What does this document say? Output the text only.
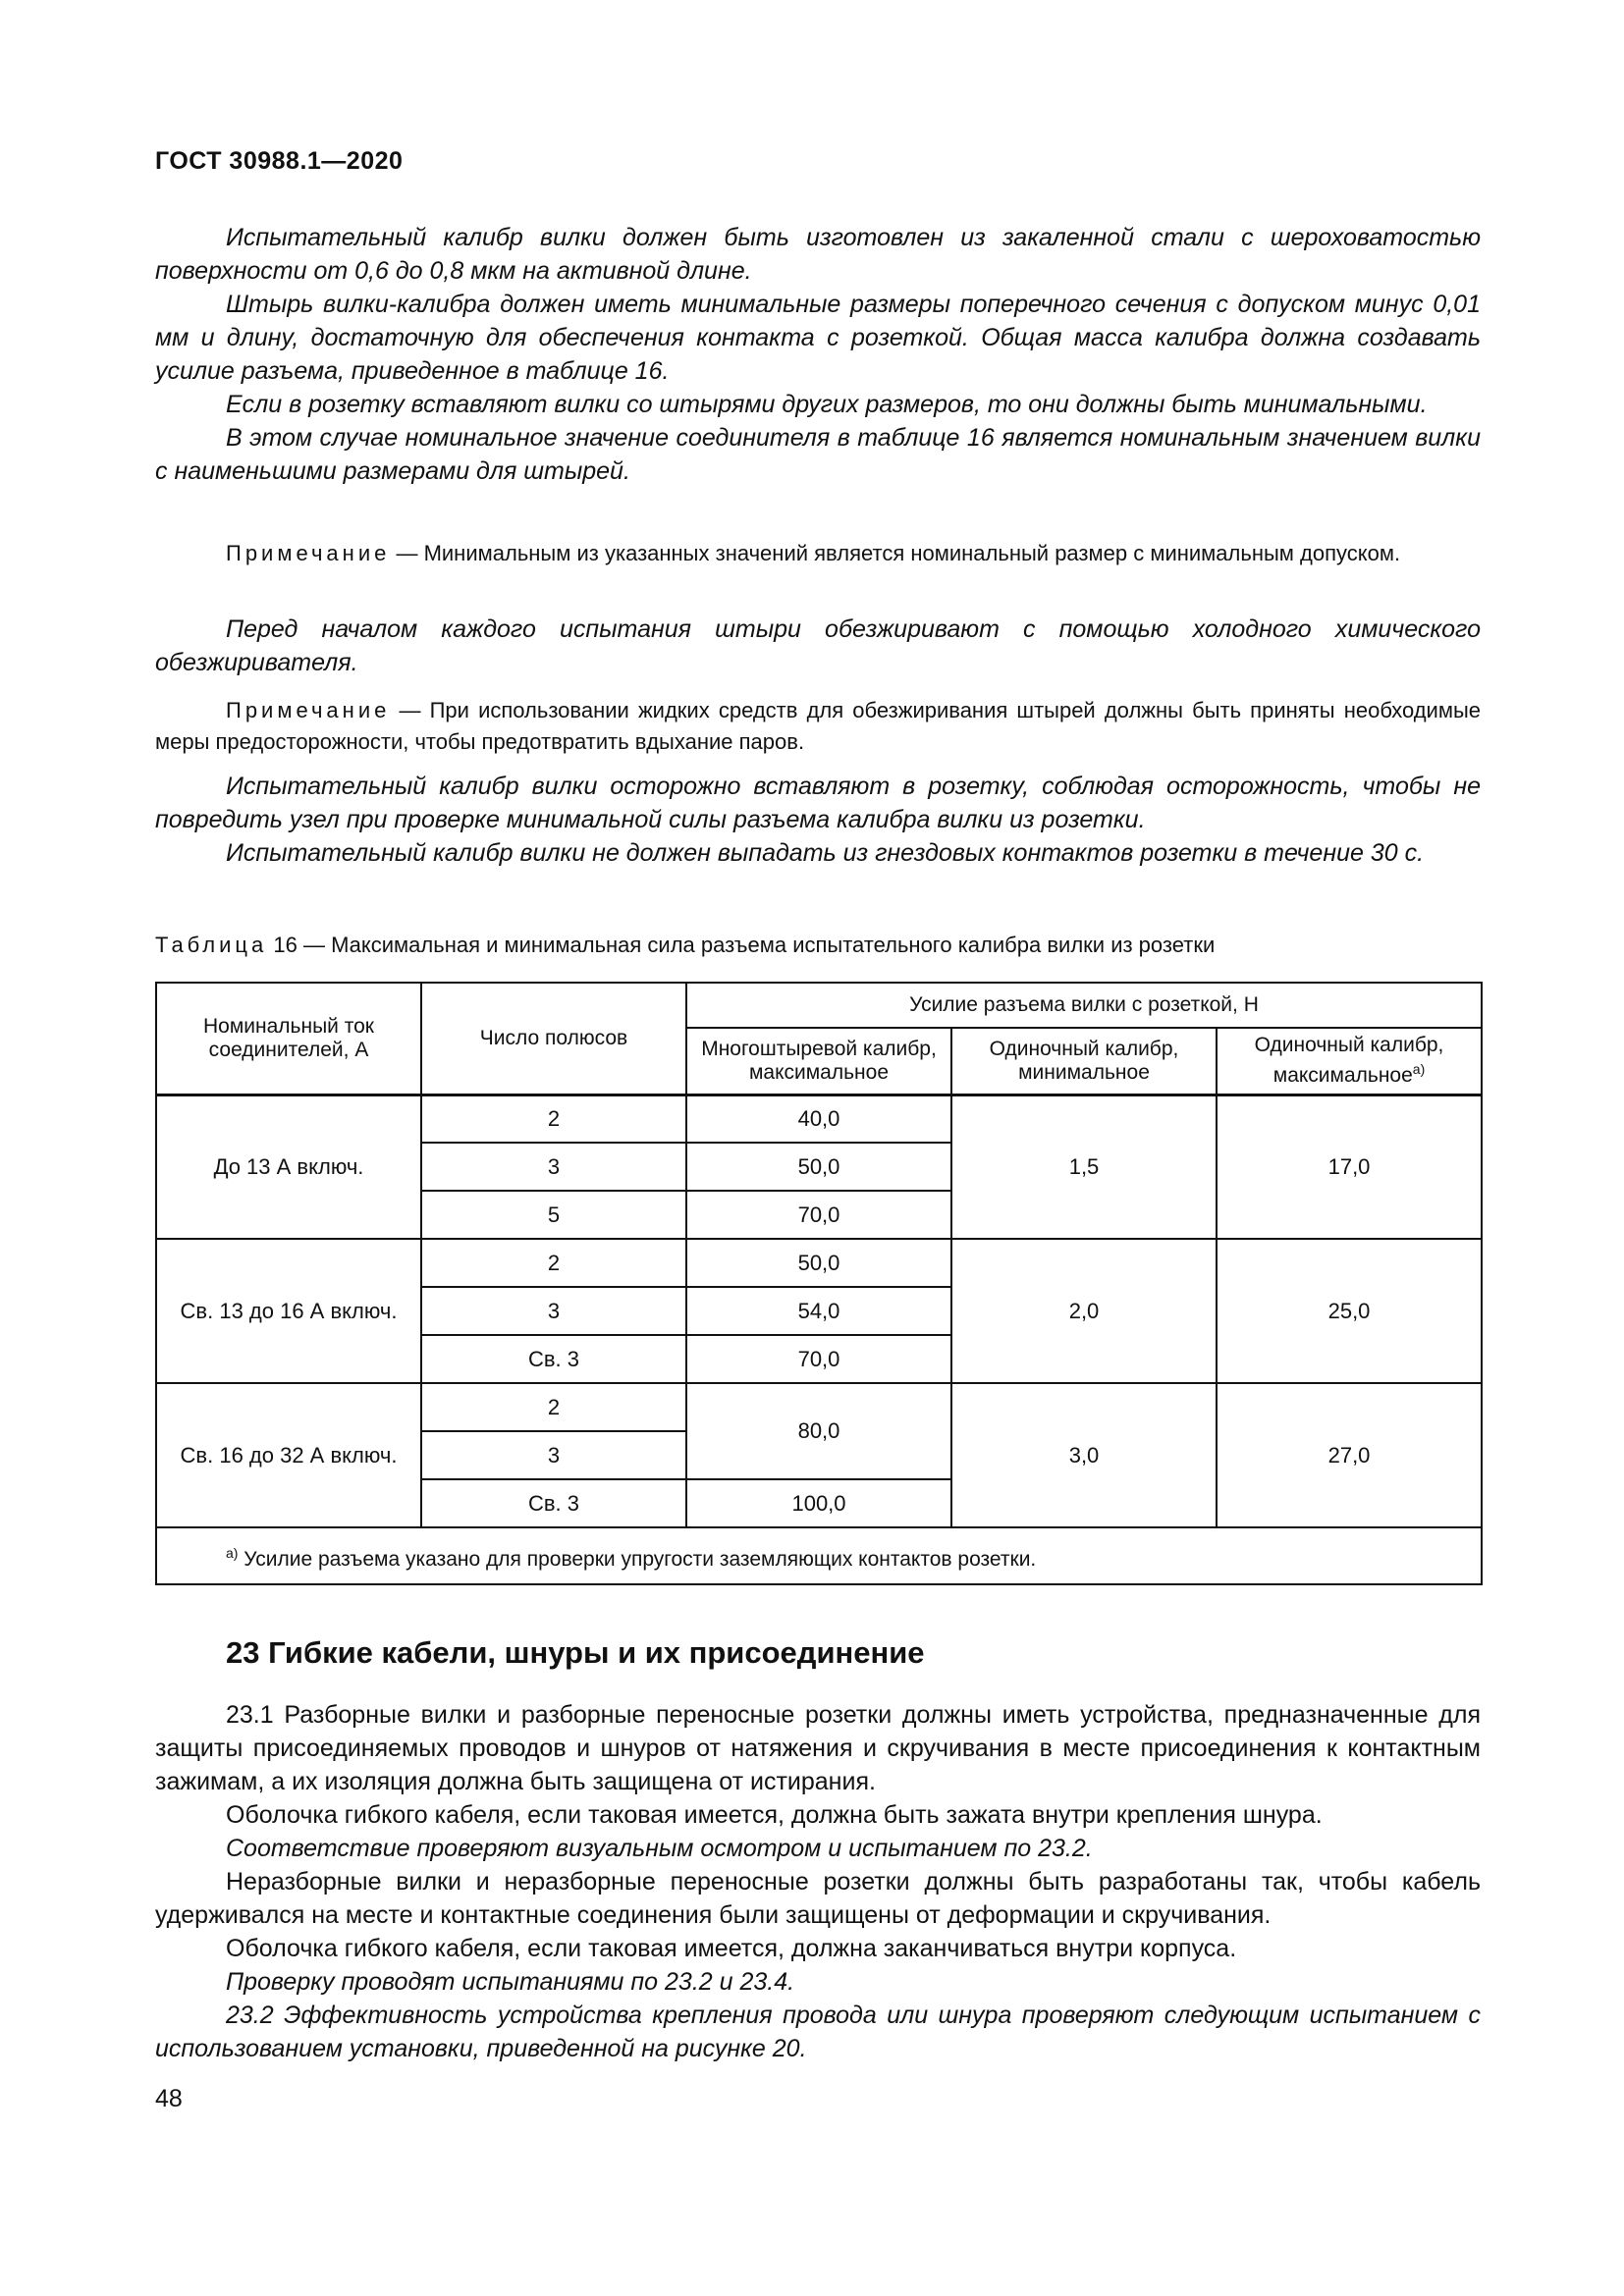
ГОСТ 30988.1—2020

Испытательный калибр вилки должен быть изготовлен из закаленной стали с шероховатостью поверхности от 0,6 до 0,8 мкм на активной длине.

Штырь вилки-калибра должен иметь минимальные размеры поперечного сечения с допуском минус 0,01 мм и длину, достаточную для обеспечения контакта с розеткой. Общая масса калибра должна создавать усилие разъема, приведенное в таблице 16.

Если в розетку вставляют вилки со штырями других размеров, то они должны быть минимальными.

В этом случае номинальное значение соединителя в таблице 16 является номинальным значением вилки с наименьшими размерами для штырей.

Примечание — Минимальным из указанных значений является номинальный размер с минимальным допуском.

Перед началом каждого испытания штыри обезжиривают с помощью холодного химического обезжиривателя.

Примечание — При использовании жидких средств для обезжиривания штырей должны быть приняты необходимые меры предосторожности, чтобы предотвратить вдыхание паров.

Испытательный калибр вилки осторожно вставляют в розетку, соблюдая осторожность, чтобы не повредить узел при проверке минимальной силы разъема калибра вилки из розетки.

Испытательный калибр вилки не должен выпадать из гнездовых контактов розетки в течение 30 с.

Таблица 16 — Максимальная и минимальная сила разъема испытательного калибра вилки из розетки
Номинальный ток соединителей, А	Число полюсов	Усилие разъема вилки с розеткой, Н		
		Многоштыревой калибр, максимальное	Одиночный калибр, минимальное	Одиночный калибр, максимальное$^{а)}$
До 13 А включ.	2	40,0	1,5	17,0
	3	50,0		
	5	70,0		
Св. 13 до 16 А включ.	2	50,0	2,0	25,0
	3	54,0		
	Св. 3	70,0		
Св. 16 до 32 А включ.	2	80,0	3,0	27,0
	3			
	Св. 3	100,0		
$^{а)}$ Усилие разъема указано для проверки упругости заземляющих контактов розетки.				
23 Гибкие кабели, шнуры и их присоединение

23.1 Разборные вилки и разборные переносные розетки должны иметь устройства, предназначенные для защиты присоединяемых проводов и шнуров от натяжения и скручивания в месте присоединения к контактным зажимам, а их изоляция должна быть защищена от истирания.

Оболочка гибкого кабеля, если таковая имеется, должна быть зажата внутри крепления шнура.

Соответствие проверяют визуальным осмотром и испытанием по 23.2.

Неразборные вилки и неразборные переносные розетки должны быть разработаны так, чтобы кабель удерживался на месте и контактные соединения были защищены от деформации и скручивания.

Оболочка гибкого кабеля, если таковая имеется, должна заканчиваться внутри корпуса.

Проверку проводят испытаниями по 23.2 и 23.4.

23.2 Эффективность устройства крепления провода или шнура проверяют следующим испытанием с использованием установки, приведенной на рисунке 20.

48
